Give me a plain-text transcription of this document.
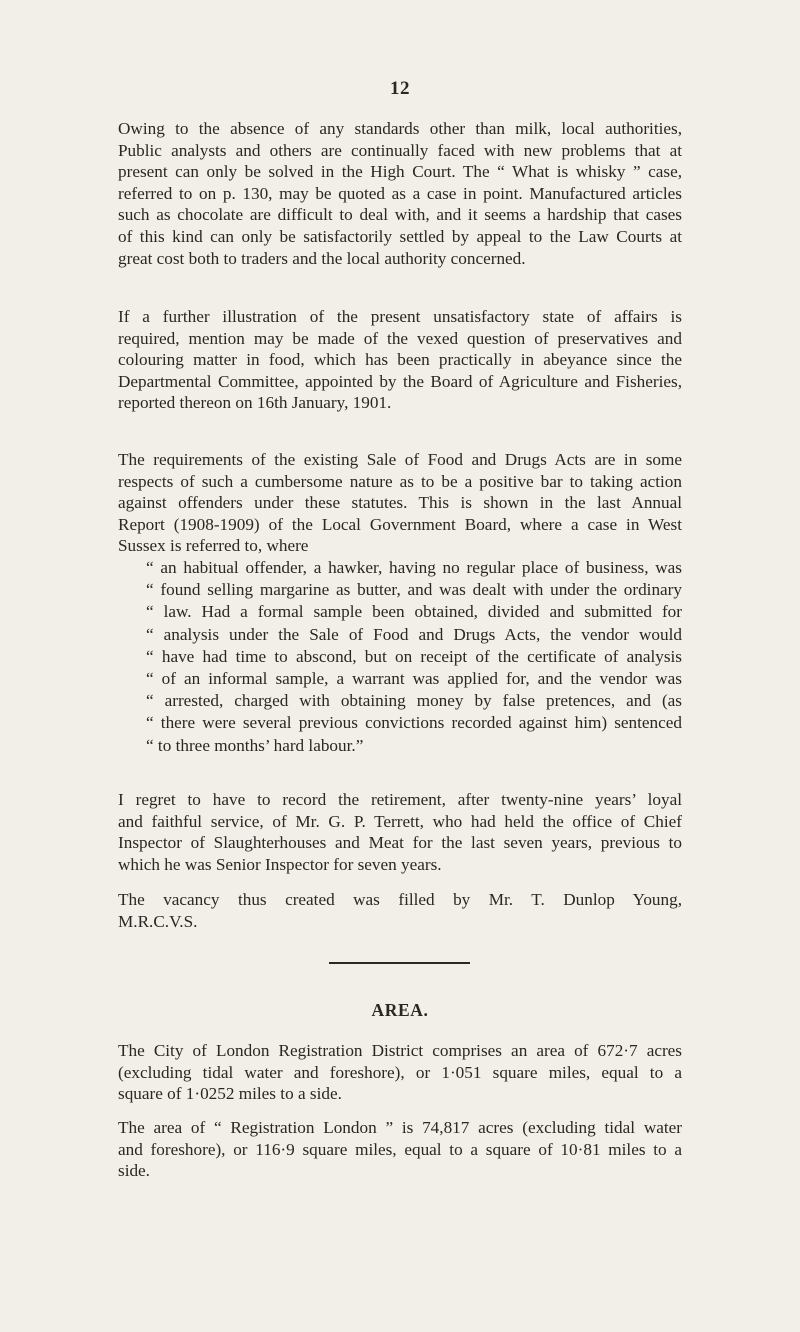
12
Owing to the absence of any standards other than milk, local authorities,
Public analysts and others are continually faced with new problems that at
present can only be solved in the High Court. The “ What is whisky ” case,
referred to on p. 130, may be quoted as a case in point. Manufactured articles
such as chocolate are difficult to deal with, and it seems a hardship that cases
of this kind can only be satisfactorily settled by appeal to the Law Courts at
great cost both to traders and the local authority concerned.
If a further illustration of the present unsatisfactory state of affairs is
required, mention may be made of the vexed question of preservatives and
colouring matter in food, which has been practically in abeyance since the
Departmental Committee, appointed by the Board of Agriculture and Fisheries,
reported thereon on 16th January, 1901.
The requirements of the existing Sale of Food and Drugs Acts are in some
respects of such a cumbersome nature as to be a positive bar to taking action
against offenders under these statutes. This is shown in the last Annual
Report (1908-1909) of the Local Government Board, where a case in West
Sussex is referred to, where
“ an habitual offender, a hawker, having no regular place of business, was
“ found selling margarine as butter, and was dealt with under the ordinary
“ law. Had a formal sample been obtained, divided and submitted for
“ analysis under the Sale of Food and Drugs Acts, the vendor would
“ have had time to abscond, but on receipt of the certificate of analysis
“ of an informal sample, a warrant was applied for, and the vendor was
“ arrested, charged with obtaining money by false pretences, and (as
“ there were several previous convictions recorded against him) sentenced
“ to three months’ hard labour.”
I regret to have to record the retirement, after twenty-nine years’ loyal
and faithful service, of Mr. G. P. Terrett, who had held the office of Chief
Inspector of Slaughterhouses and Meat for the last seven years, previous to
which he was Senior Inspector for seven years.
The vacancy thus created was filled by Mr. T. Dunlop Young,
M.R.C.V.S.
AREA.
The City of London Registration District comprises an area of 672·7 acres
(excluding tidal water and foreshore), or 1·051 square miles, equal to a
square of 1·0252 miles to a side.
The area of “ Registration London ” is 74,817 acres (excluding tidal water
and foreshore), or 116·9 square miles, equal to a square of 10·81 miles to a
side.
